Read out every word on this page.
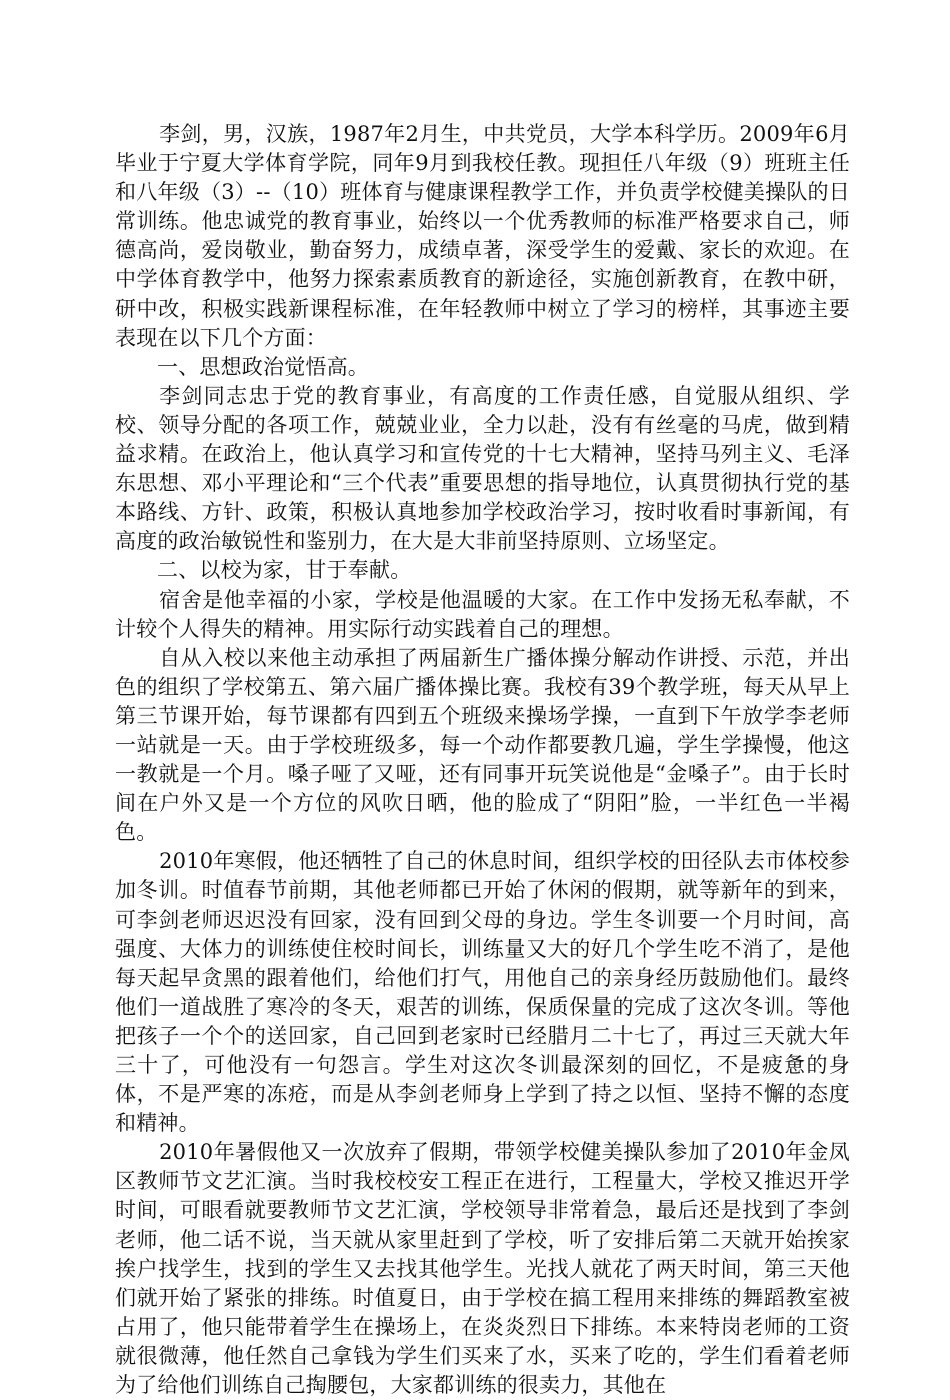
李剑，男，汉族，1987年2月生，中共党员，大学本科学历。2009年6月毕业于宁夏大学体育学院，同年9月到我校任教。现担任八年级（9）班班主任和八年级（3）--（10）班体育与健康课程教学工作，并负责学校健美操队的日常训练。他忠诚党的教育事业，始终以一个优秀教师的标准严格要求自己，师德高尚，爱岗敬业，勤奋努力，成绩卓著，深受学生的爱戴、家长的欢迎。在中学体育教学中，他努力探索素质教育的新途径，实施创新教育，在教中研，研中改，积极实践新课程标准，在年轻教师中树立了学习的榜样，其事迹主要表现在以下几个方面：

一、思想政治觉悟高。

李剑同志忠于党的教育事业，有高度的工作责任感，自觉服从组织、学校、领导分配的各项工作，兢兢业业，全力以赴，没有有丝毫的马虎，做到精益求精。在政治上，他认真学习和宣传党的十七大精神，坚持马列主义、毛泽东思想、邓小平理论和“三个代表”重要思想的指导地位，认真贯彻执行党的基本路线、方针、政策，积极认真地参加学校政治学习，按时收看时事新闻，有高度的政治敏锐性和鉴别力，在大是大非前坚持原则、立场坚定。

二、以校为家，甘于奉献。

宿舍是他幸福的小家，学校是他温暖的大家。在工作中发扬无私奉献，不计较个人得失的精神。用实际行动实践着自己的理想。

自从入校以来他主动承担了两届新生广播体操分解动作讲授、示范，并出色的组织了学校第五、第六届广播体操比赛。我校有39个教学班，每天从早上第三节课开始，每节课都有四到五个班级来操场学操，一直到下午放学李老师一站就是一天。由于学校班级多，每一个动作都要教几遍，学生学操慢，他这一教就是一个月。嗓子哑了又哑，还有同事开玩笑说他是“金嗓子”。由于长时间在户外又是一个方位的风吹日晒，他的脸成了“阴阳”脸，一半红色一半褐色。

2010年寒假，他还牺牲了自己的休息时间，组织学校的田径队去市体校参加冬训。时值春节前期，其他老师都已开始了休闲的假期，就等新年的到来，可李剑老师迟迟没有回家，没有回到父母的身边。学生冬训要一个月时间，高强度、大体力的训练使住校时间长，训练量又大的好几个学生吃不消了，是他每天起早贪黑的跟着他们，给他们打气，用他自己的亲身经历鼓励他们。最终他们一道战胜了寒冷的冬天，艰苦的训练，保质保量的完成了这次冬训。等他把孩子一个个的送回家，自己回到老家时已经腊月二十七了，再过三天就大年三十了，可他没有一句怨言。学生对这次冬训最深刻的回忆，不是疲惫的身体，不是严寒的冻疮，而是从李剑老师身上学到了持之以恒、坚持不懈的态度和精神。

2010年暑假他又一次放弃了假期，带领学校健美操队参加了2010年金凤区教师节文艺汇演。当时我校校安工程正在进行，工程量大，学校又推迟开学时间，可眼看就要教师节文艺汇演，学校领导非常着急，最后还是找到了李剑老师，他二话不说，当天就从家里赶到了学校，听了安排后第二天就开始挨家挨户找学生，找到的学生又去找其他学生。光找人就花了两天时间，第三天他们就开始了紧张的排练。时值夏日，由于学校在搞工程用来排练的舞蹈教室被占用了，他只能带着学生在操场上，在炎炎烈日下排练。本来特岗老师的工资就很微薄，他任然自己拿钱为学生们买来了水，买来了吃的，学生们看着老师为了给他们训练自己掏腰包，大家都训练的很卖力，其他在
